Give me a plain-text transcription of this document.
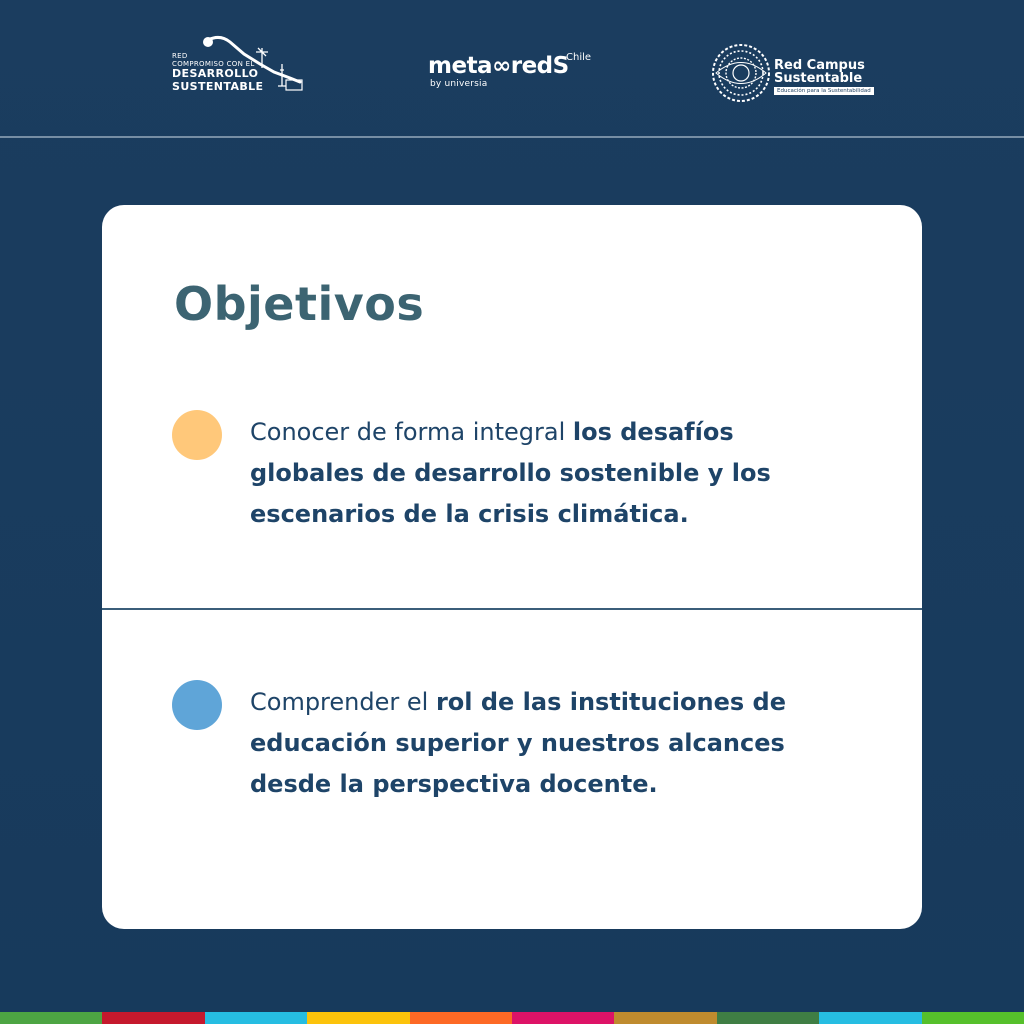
RED
COMPROMISO CON EL
DESARROLLO
SUSTENTABLE
meta∞redS
Chile
by universia
Red Campus
Sustentable
Educación para la Sustentabilidad
Objetivos
Conocer de forma integral los desafíos globales de desarrollo sostenible y los escenarios de la crisis climática.
Comprender el rol de las instituciones de educación superior y nuestros alcances desde la perspectiva docente.
